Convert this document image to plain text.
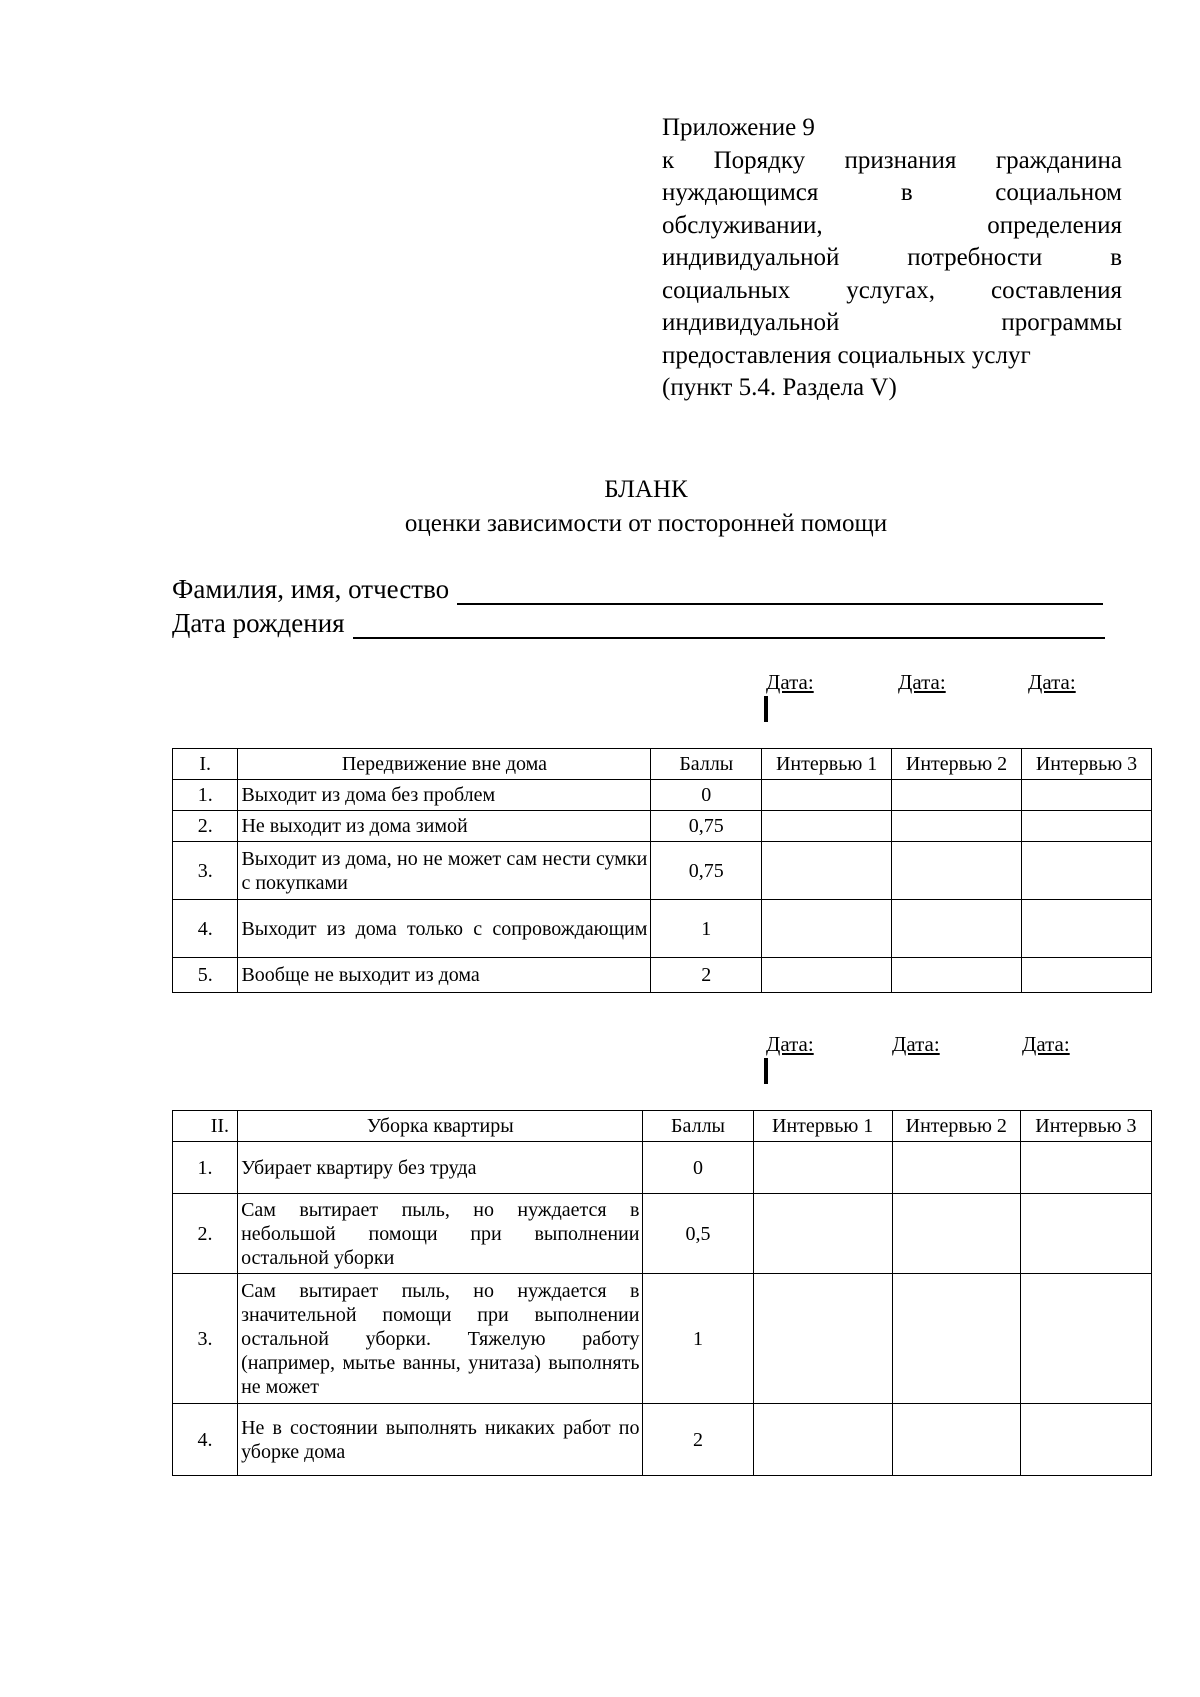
Приложение 9
к Порядку признания гражданина
нуждающимся в социальном
обслуживании, определения
индивидуальной потребности в
социальных услугах, составления
индивидуальной программы
предоставления социальных услуг
(пункт 5.4. Раздела V)
БЛАНК
оценки зависимости от посторонней помощи
Фамилия, имя, отчество
Дата рождения
Дата:	Дата:	Дата:

I.	Передвижение вне дома	Баллы	Интервью 1	Интервью 2	Интервью 3
1.	Выходит из дома без проблем	0			
2.	Не выходит из дома зимой	0,75			
3.	Выходит из дома, но не может сам нести сумки с покупками	0,75			
4.	Выходит из дома только с сопровождающим	1			
5.	Вообще не выходит из дома	2			
Дата:	Дата:	Дата:

II.	Уборка квартиры	Баллы	Интервью 1	Интервью 2	Интервью 3
1.	Убирает квартиру без труда	0			
2.	Сам вытирает пыль, но нуждается в небольшой помощи при выполнении остальной уборки	0,5			
3.	Сам вытирает пыль, но нуждается в значительной помощи при выполнении остальной уборки. Тяжелую работу (например, мытье ванны, унитаза) выполнять не может	1			
4.	Не в состоянии выполнять никаких работ по уборке дома	2			
